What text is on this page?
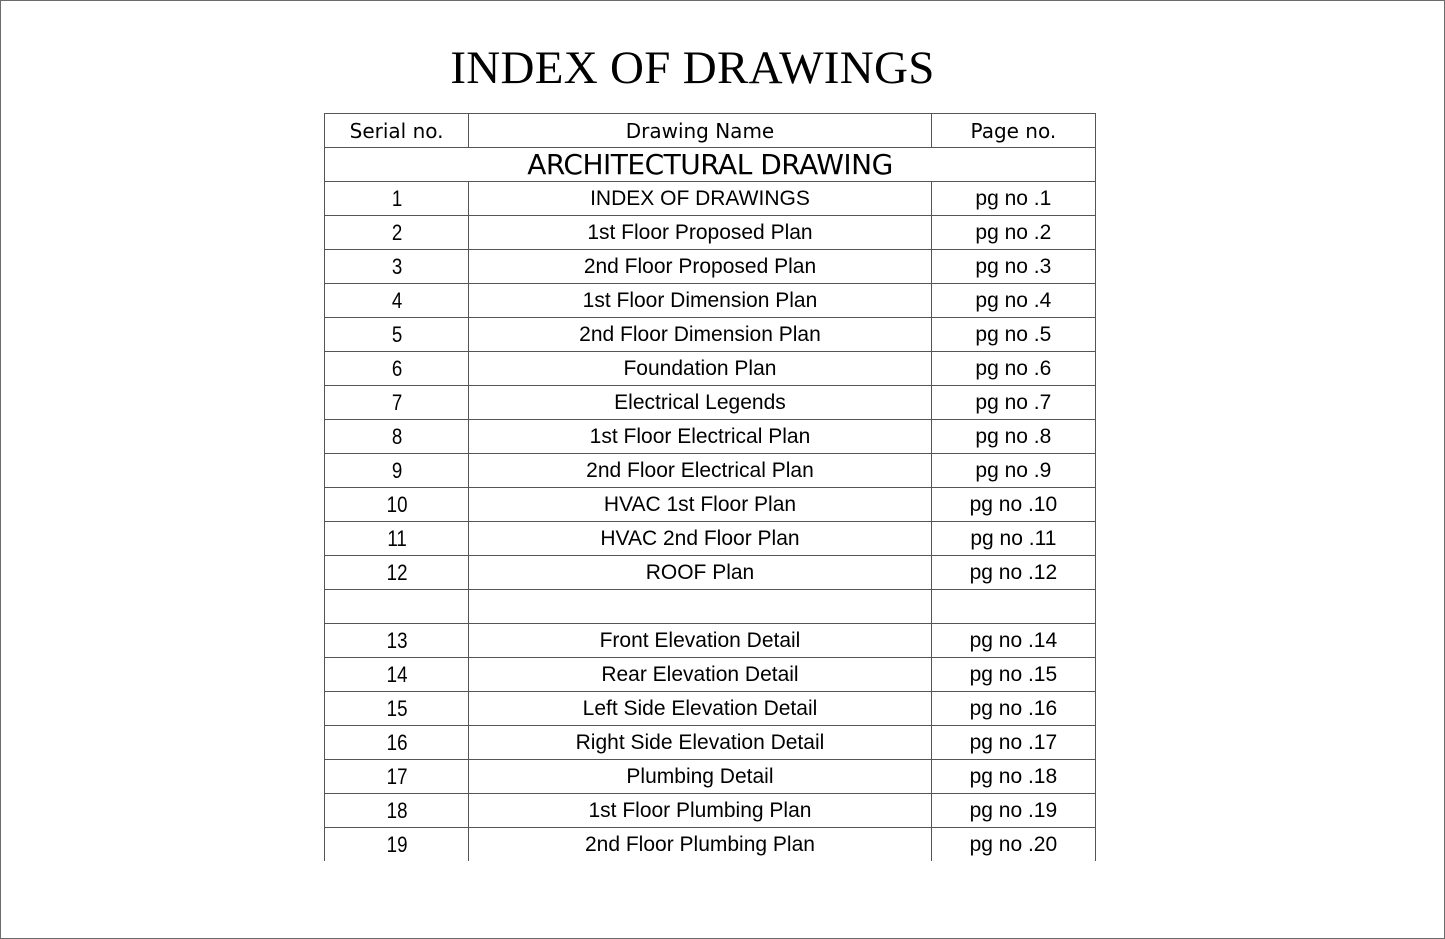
INDEX OF DRAWINGS
Serial no.	Drawing Name	Page no.
ARCHITECTURAL DRAWING		
1	INDEX OF DRAWINGS	pg no .1
2	1st Floor Proposed Plan	pg no .2
3	2nd Floor Proposed Plan	pg no .3
4	1st Floor Dimension Plan	pg no .4
5	2nd Floor Dimension Plan	pg no .5
6	Foundation Plan	pg no .6
7	Electrical Legends	pg no .7
8	1st Floor Electrical Plan	pg no .8
9	2nd Floor Electrical Plan	pg no .9
10	HVAC 1st Floor Plan	pg no .10
11	HVAC 2nd Floor Plan	pg no .11
12	ROOF Plan	pg no .12

13	Front Elevation Detail	pg no .14
14	Rear Elevation Detail	pg no .15
15	Left Side Elevation Detail	pg no .16
16	Right Side Elevation Detail	pg no .17
17	Plumbing Detail	pg no .18
18	1st Floor Plumbing Plan	pg no .19
19	2nd Floor Plumbing Plan	pg no .20
